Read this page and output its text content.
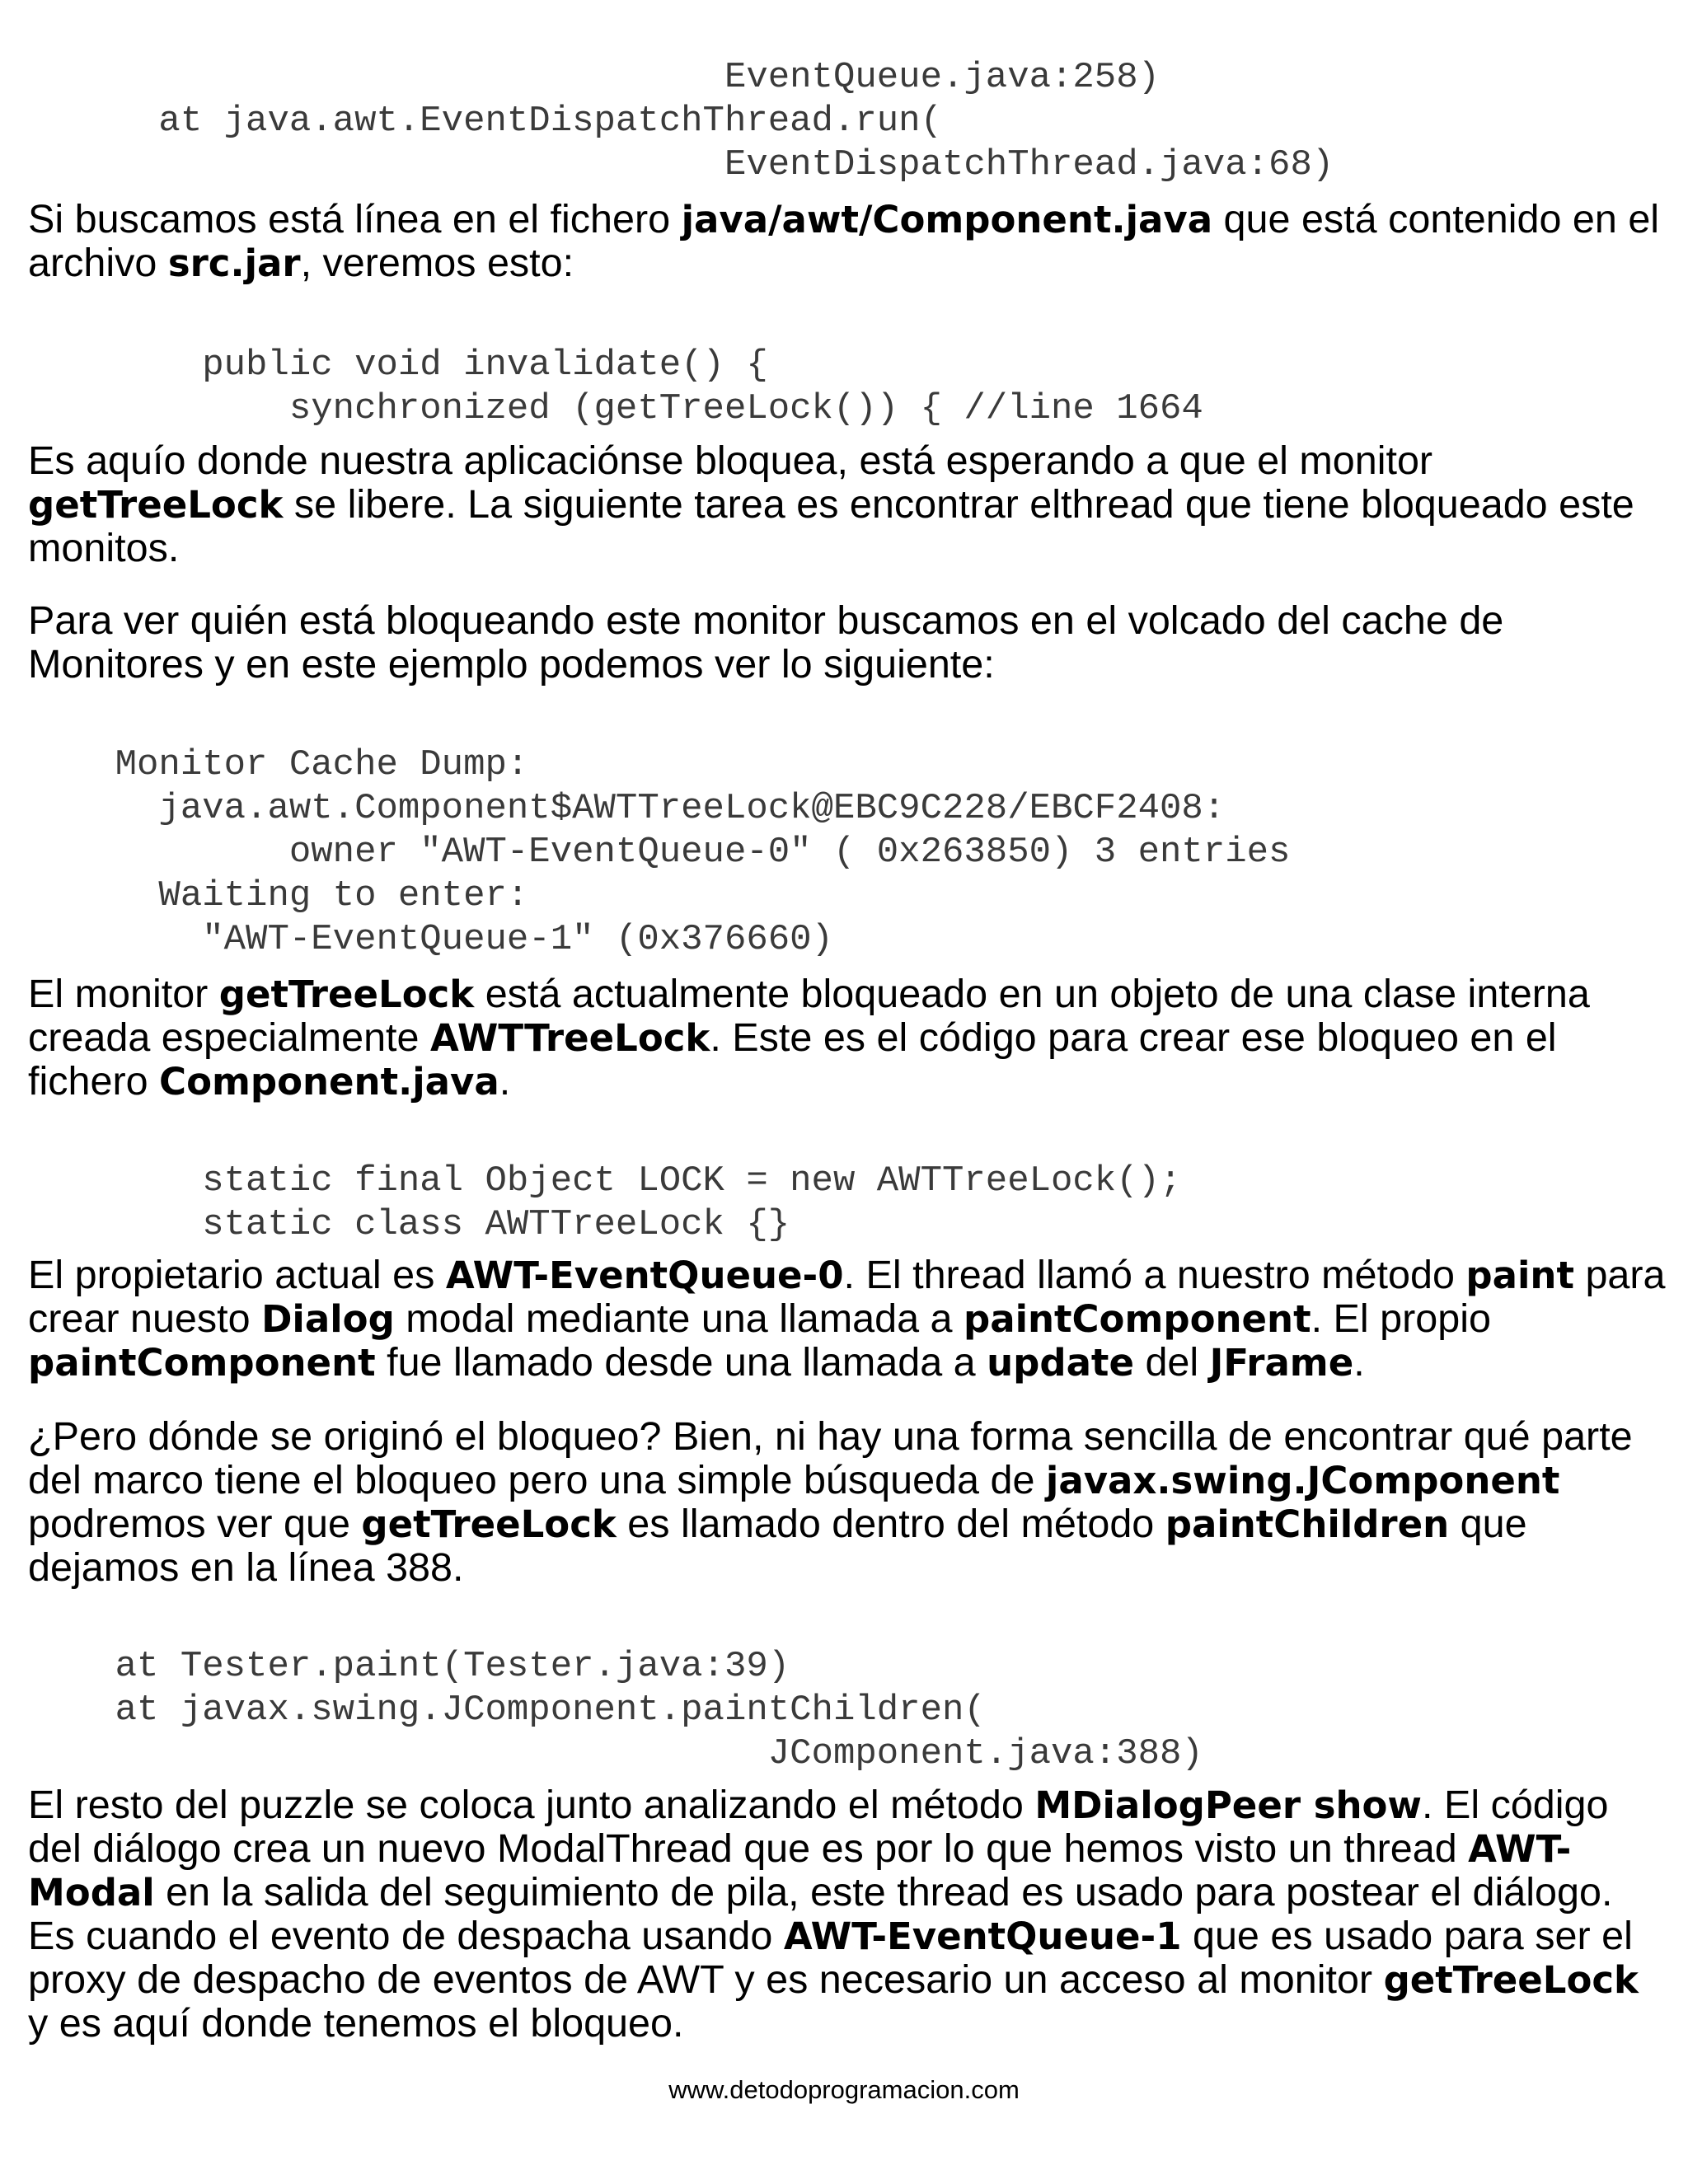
EventQueue.java:258)
at java.awt.EventDispatchThread.run(
EventDispatchThread.java:68)

Si buscamos está línea en el fichero java/awt/Component.java que está contenido en el archivo src.jar, veremos esto:

public void invalidate() {
synchronized (getTreeLock()) { //line 1664

Es aquío donde nuestra aplicaciónse bloquea, está esperando a que el monitor getTreeLock se libere. La siguiente tarea es encontrar elthread que tiene bloqueado este monitos.

Para ver quién está bloqueando este monitor buscamos en el volcado del cache de Monitores y en este ejemplo podemos ver lo siguiente:

Monitor Cache Dump:
java.awt.Component$AWTTreeLock@EBC9C228/EBCF2408:
owner "AWT-EventQueue-0" ( 0x263850) 3 entries
Waiting to enter:
"AWT-EventQueue-1" (0x376660)

El monitor getTreeLock está actualmente bloqueado en un objeto de una clase interna creada especialmente AWTTreeLock. Este es el código para crear ese bloqueo en el fichero Component.java.

static final Object LOCK = new AWTTreeLock();
static class AWTTreeLock {}

El propietario actual es AWT-EventQueue-0. El thread llamó a nuestro método paint para crear nuesto Dialog modal mediante una llamada a paintComponent. El propio paintComponent fue llamado desde una llamada a update del JFrame.

¿Pero dónde se originó el bloqueo? Bien, ni hay una forma sencilla de encontrar qué parte del marco tiene el bloqueo pero una simple búsqueda de javax.swing.JComponent podremos ver que getTreeLock es llamado dentro del método paintChildren que dejamos en la línea 388.

at Tester.paint(Tester.java:39)
at javax.swing.JComponent.paintChildren(
JComponent.java:388)

El resto del puzzle se coloca junto analizando el método MDialogPeer show. El código del diálogo crea un nuevo ModalThread que es por lo que hemos visto un thread AWT-Modal en la salida del seguimiento de pila, este thread es usado para postear el diálogo. Es cuando el evento de despacha usando AWT-EventQueue-1 que es usado para ser el proxy de despacho de eventos de AWT y es necesario un acceso al monitor getTreeLock y es aquí donde tenemos el bloqueo.

www.detodoprogramacion.com
